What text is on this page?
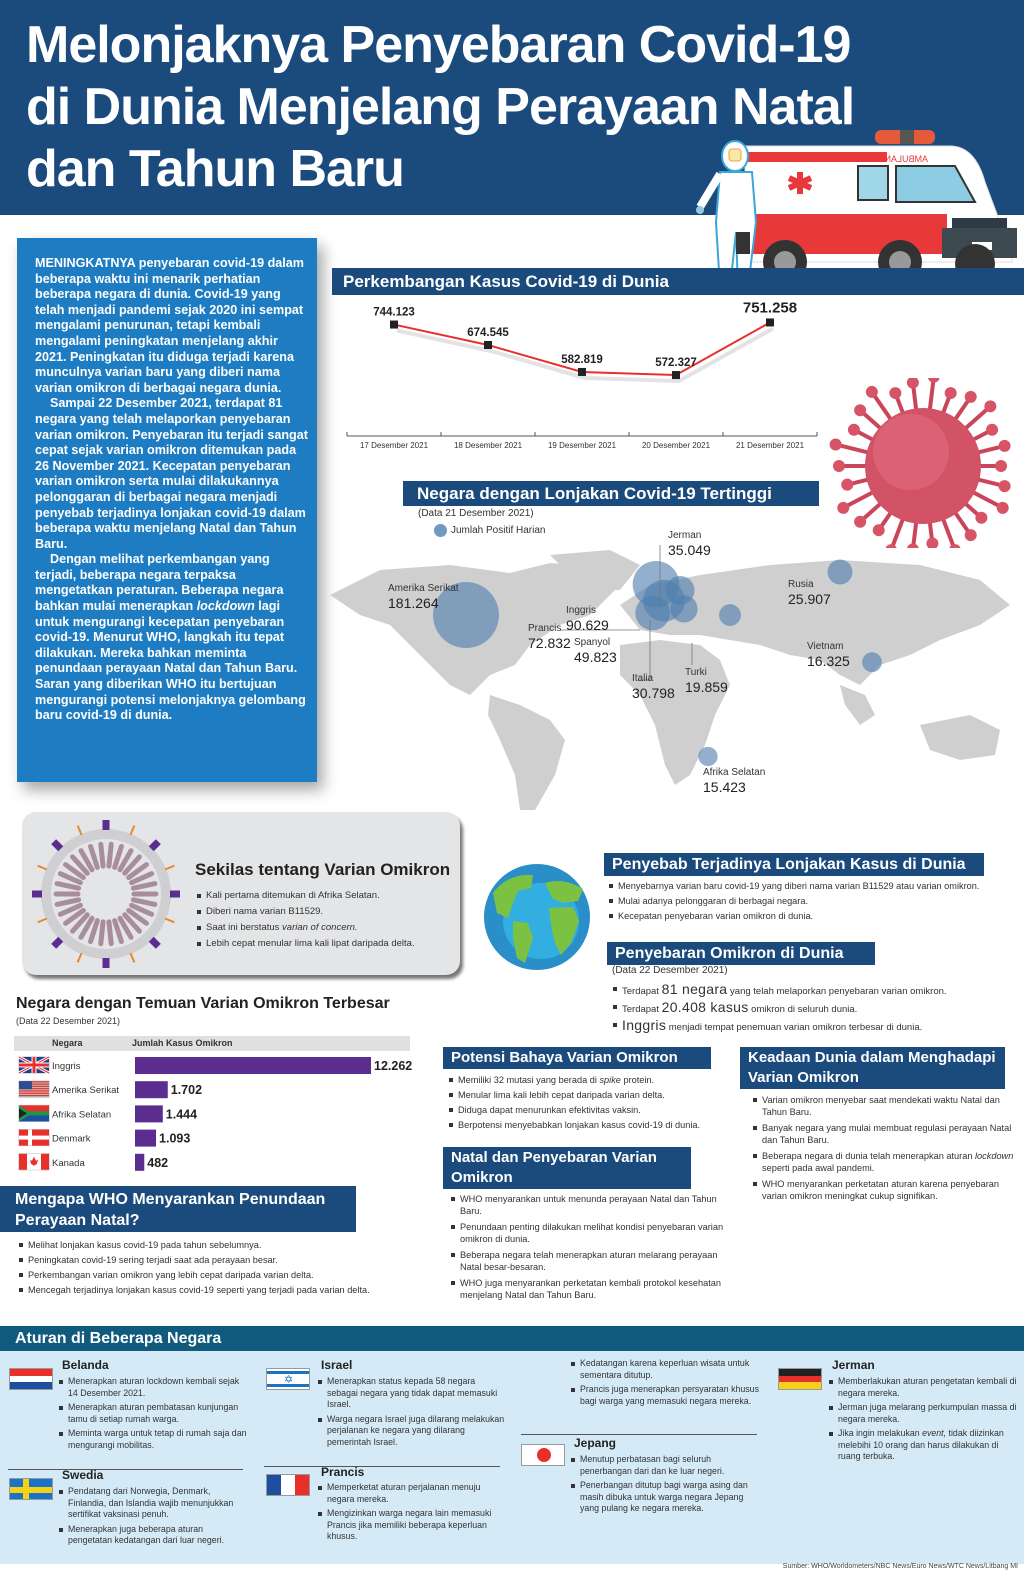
Melonjaknya Penyebaran Covid-19
di Dunia Menjelang Perayaan Natal
dan Tahun Baru	AMBULANCE

MENINGKATNYA penyebaran covid-19 dalam beberapa waktu ini menarik perhatian beberapa negara di dunia. Covid-19 yang telah menjadi pandemi sejak 2020 ini sempat mengalami penurunan, tetapi kembali mengalami peningkatan menjelang akhir 2021. Peningkatan itu diduga terjadi karena munculnya varian baru yang diberi nama varian omikron di berbagai negara dunia.

Sampai 22 Desember 2021, terdapat 81 negara yang telah melaporkan penyebaran varian omikron. Penyebaran itu terjadi sangat cepat sejak varian omikron ditemukan pada 26 November 2021. Kecepatan penyebaran varian omikron serta mulai dilakukannya pelonggaran di berbagai negara menjadi penyebab terjadinya lonjakan covid-19 dalam beberapa waktu menjelang Natal dan Tahun Baru.

Dengan melihat perkembangan yang terjadi, beberapa negara terpaksa mengetatkan peraturan. Beberapa negara bahkan mulai menerapkan lockdown lagi untuk mengurangi kecepatan penyebaran covid-19. Menurut WHO, langkah itu tepat dilakukan. Mereka bahkan meminta penundaan perayaan Natal dan Tahun Baru. Saran yang diberikan WHO itu bertujuan mengurangi potensi melonjaknya gelombang baru covid-19 di dunia.

Perkembangan Kasus Covid-19 di Dunia
744.123
17 Desember 2021
674.545
18 Desember 2021
582.819
19 Desember 2021
572.327
20 Desember 2021
751.258
21 Desember 2021
Negara dengan Lonjakan Covid-19 Tertinggi
(Data 21 Desember 2021)
Jumlah Positif Harian
Amerika Serikat
181.264	Inggris
90.629
Prancis
72.832 Spanyol
49.823
Jerman
35.049
Italia
30.798
Rusia
25.907
Turki
19.859
Vietnam
16.325
Afrika Selatan
15.423
Sekilas tentang Varian Omikron
Kali pertama ditemukan di Afrika Selatan.
Diberi nama varian B11529.
Saat ini berstatus varian of concern.
Lebih cepat menular lima kali lipat daripada delta.
Penyebab Terjadinya Lonjakan Kasus di Dunia
Menyebarnya varian baru covid-19 yang diberi nama varian B11529 atau varian omikron.
Mulai adanya pelonggaran di berbagai negara.
Kecepatan penyebaran varian omikron di dunia.
Penyebaran Omikron di Dunia
(Data 22 Desember 2021)
Terdapat 81 negara yang telah melaporkan penyebaran varian omikron.
Terdapat 20.408 kasus omikron di seluruh dunia.
Inggris menjadi tempat penemuan varian omikron terbesar di dunia.
Negara dengan Temuan Varian Omikron Terbesar
(Data 22 Desember 2021)
Negara	Jumlah Kasus Omikron
Inggris	12.262
Amerika Serikat	1.702
Afrika Selatan	1.444
Denmark	1.093
Kanada	482
Potensi Bahaya Varian Omikron
Memiliki 32 mutasi yang berada di spike protein.
Menular lima kali lebih cepat daripada varian delta.
Diduga dapat menurunkan efektivitas vaksin.
Berpotensi menyebabkan lonjakan kasus covid-19 di dunia.
Natal dan Penyebaran Varian Omikron
WHO menyarankan untuk menunda perayaan Natal dan Tahun Baru.
Penundaan penting dilakukan melihat kondisi penyebaran varian omikron di dunia.
Beberapa negara telah menerapkan aturan melarang perayaan Natal besar-besaran.
WHO juga menyarankan perketatan kembali protokol kesehatan menjelang Natal dan Tahun Baru.
Keadaan Dunia dalam Menghadapi Varian Omikron
Varian omikron menyebar saat mendekati waktu Natal dan Tahun Baru.
Banyak negara yang mulai membuat regulasi perayaan Natal dan Tahun Baru.
Beberapa negara di dunia telah menerapkan aturan lockdown seperti pada awal pandemi.
WHO menyarankan perketatan aturan karena penyebaran varian omikron meningkat cukup signifikan.
Mengapa WHO Menyarankan Penundaan Perayaan Natal?
Melihat lonjakan kasus covid-19 pada tahun sebelumnya.
Peningkatan covid-19 sering terjadi saat ada perayaan besar.
Perkembangan varian omikron yang lebih cepat daripada varian delta.
Mencegah terjadinya lonjakan kasus covid-19 seperti yang terjadi pada varian delta.
Aturan di Beberapa Negara
Belanda
Menerapkan aturan lockdown kembali sejak 14 Desember 2021.
Menerapkan aturan pembatasan kunjungan tamu di setiap rumah warga.
Meminta warga untuk tetap di rumah saja dan mengurangi mobilitas.
Swedia
Pendatang dari Norwegia, Denmark, Finlandia, dan Islandia wajib menunjukkan sertifikat vaksinasi penuh.
Menerapkan juga beberapa aturan pengetatan kedatangan dari luar negeri.
✡
Israel
Menerapkan status kepada 58 negara sebagai negara yang tidak dapat memasuki Israel.
Warga negara Israel juga dilarang melakukan perjalanan ke negara yang dilarang pemerintah Israel.
Prancis
Memperketat aturan perjalanan menuju negara mereka.
Mengizinkan warga negara lain memasuki Prancis jika memiliki beberapa keperluan khusus.
Kedatangan karena keperluan wisata untuk sementara ditutup.
Prancis juga menerapkan persyaratan khusus bagi warga yang memasuki negara mereka.
Jepang
Menutup perbatasan bagi seluruh penerbangan dari dan ke luar negeri.
Penerbangan ditutup bagi warga asing dan masih dibuka untuk warga negara Jepang yang pulang ke negara mereka.
Jerman
Memberlakukan aturan pengetatan kembali di negara mereka.
Jerman juga melarang perkumpulan massa di negara mereka.
Jika ingin melakukan event, tidak diizinkan melebihi 10 orang dan harus dilakukan di ruang terbuka.
Sumber: WHO/Worldometers/NBC News/Euro News/WTC News/Litbang MI
